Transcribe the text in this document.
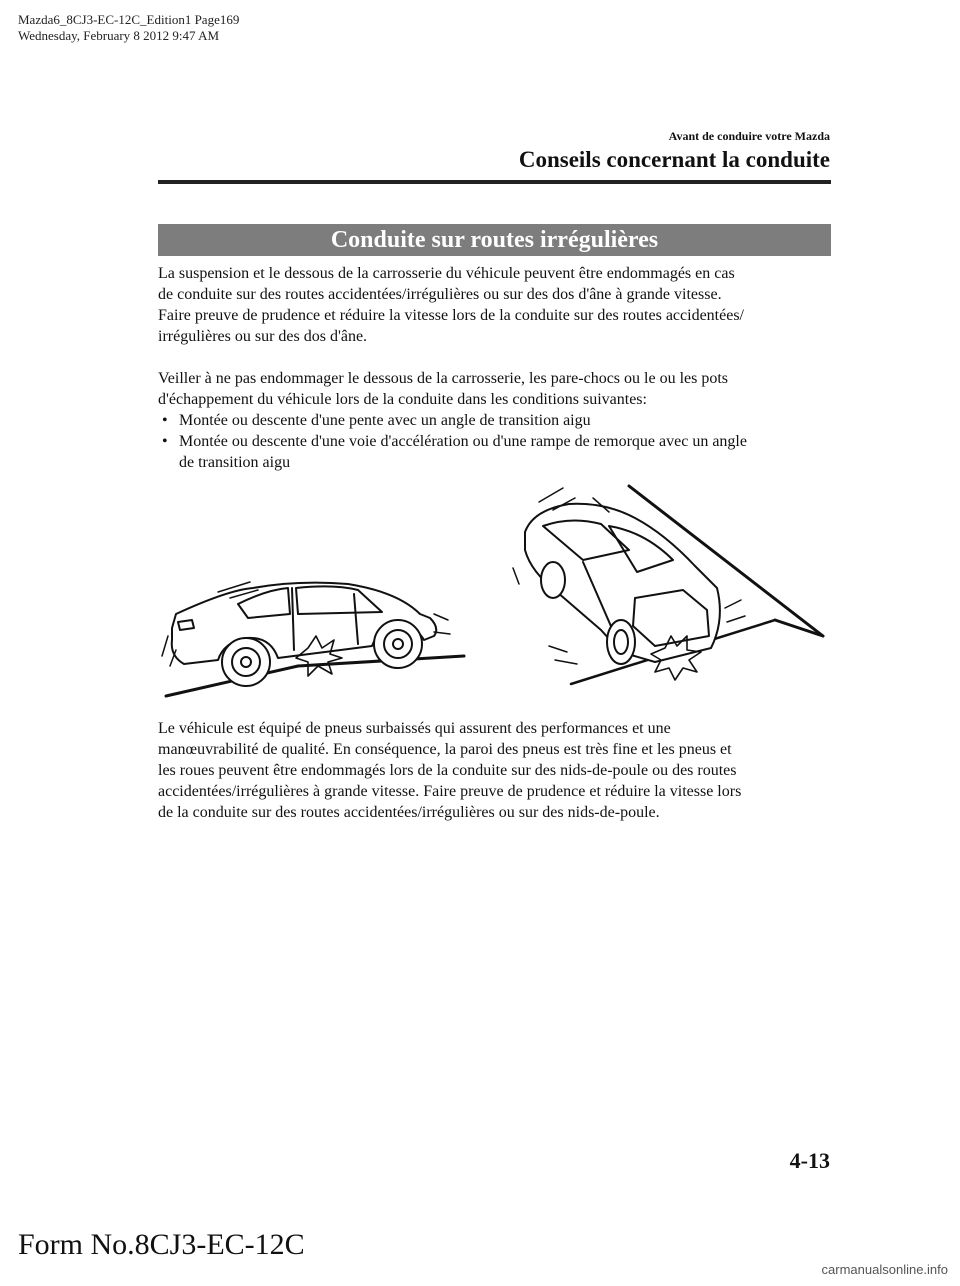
Mazda6_8CJ3-EC-12C_Edition1 Page169
Wednesday, February 8 2012 9:47 AM
Avant de conduire votre Mazda
Conseils concernant la conduite
Conduite sur routes irrégulières
La suspension et le dessous de la carrosserie du véhicule peuvent être endommagés en cas
de conduite sur des routes accidentées/irrégulières ou sur des dos d'âne à grande vitesse.
Faire preuve de prudence et réduire la vitesse lors de la conduite sur des routes accidentées/
irrégulières ou sur des dos d'âne.
Veiller à ne pas endommager le dessous de la carrosserie, les pare-chocs ou le ou les pots
d'échappement du véhicule lors de la conduite dans les conditions suivantes:
• Montée ou descente d'une pente avec un angle de transition aigu
• Montée ou descente d'une voie d'accélération ou d'une rampe de remorque avec un angle
de transition aigu
Le véhicule est équipé de pneus surbaissés qui assurent des performances et une
manœuvrabilité de qualité. En conséquence, la paroi des pneus est très fine et les pneus et
les roues peuvent être endommagés lors de la conduite sur des nids-de-poule ou des routes
accidentées/irrégulières à grande vitesse. Faire preuve de prudence et réduire la vitesse lors
de la conduite sur des routes accidentées/irrégulières ou sur des nids-de-poule.
4-13
Form No.8CJ3-EC-12C
carmanualsonline.info
